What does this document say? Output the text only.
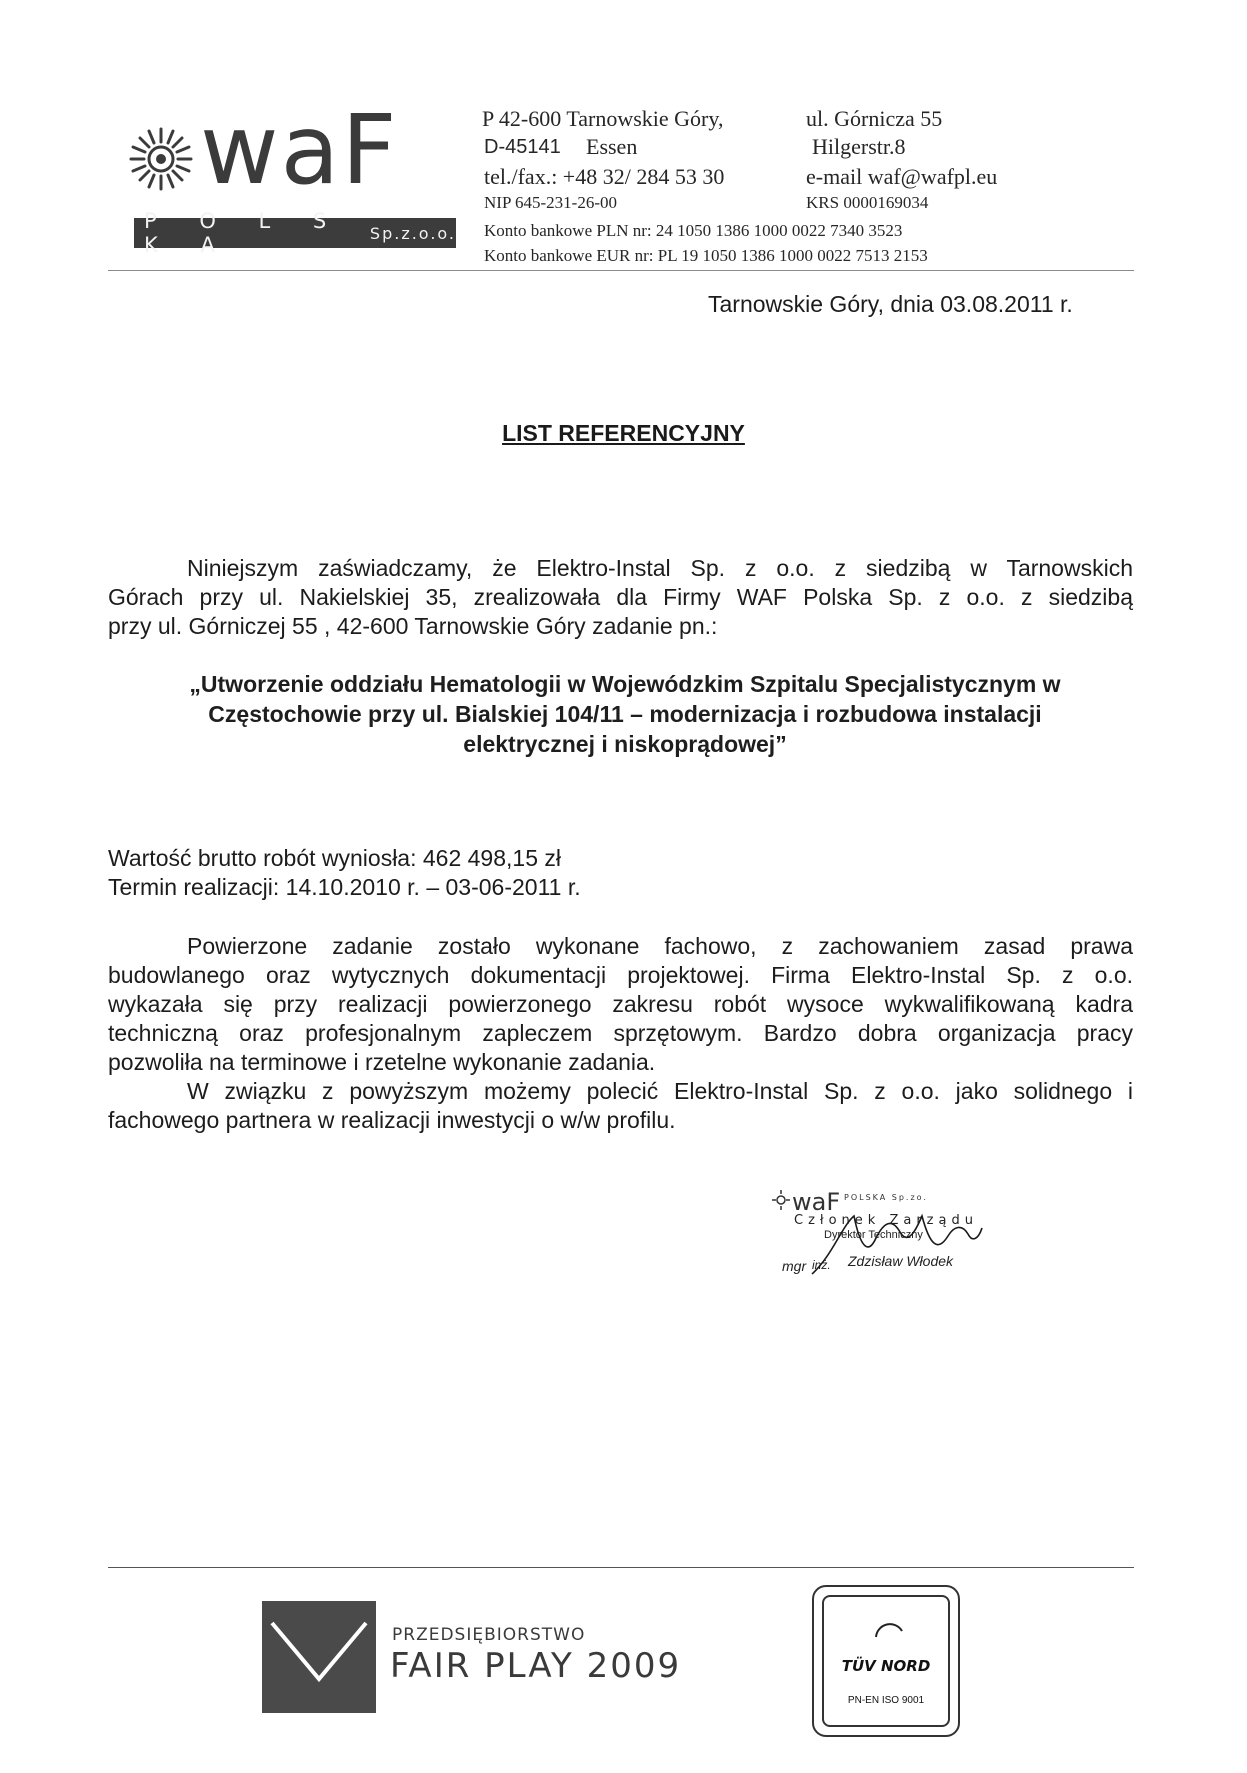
waF
P O L S K A	Sp.z.o.o.
P 42-600 Tarnowskie Góry,	ul. Górnicza 55
D-45141 Essen	Hilgerstr.8
tel./fax.: +48 32/ 284 53 30	e-mail waf@wafpl.eu
NIP 645-231-26-00	KRS 0000169034
Konto bankowe PLN nr: 24 1050 1386 1000 0022 7340 3523
Konto bankowe EUR nr: PL 19 1050 1386 1000 0022 7513 2153
Tarnowskie Góry, dnia 03.08.2011 r.
LIST REFERENCYJNY
Niniejszym zaświadczamy, że Elektro-Instal Sp. z o.o. z siedzibą w Tarnowskich
Górach przy ul. Nakielskiej 35, zrealizowała dla Firmy WAF Polska Sp. z o.o. z siedzibą
przy ul. Górniczej 55 , 42-600 Tarnowskie Góry zadanie pn.:
„Utworzenie oddziału Hematologii w Wojewódzkim Szpitalu Specjalistycznym w
Częstochowie przy ul. Bialskiej 104/11 – modernizacja i rozbudowa instalacji
elektrycznej i niskoprądowej”
Wartość brutto robót wyniosła: 462 498,15 zł
Termin realizacji: 14.10.2010 r. – 03-06-2011 r.
Powierzone zadanie zostało wykonane fachowo, z zachowaniem zasad prawa
budowlanego oraz wytycznych dokumentacji projektowej. Firma Elektro-Instal Sp. z o.o.
wykazała się przy realizacji powierzonego zakresu robót wysoce wykwalifikowaną kadra
techniczną oraz profesjonalnym zapleczem sprzętowym. Bardzo dobra organizacja pracy
pozwoliła na terminowe i rzetelne wykonanie zadania.
W związku z powyższym możemy polecić Elektro-Instal Sp. z o.o. jako solidnego i
fachowego partnera w realizacji inwestycji o w/w profilu.
waF POLSKA Sp.zo.
Członek Zarządu
Dyrektor Techniczny
mgr inż. Zdzisław Włodek
PRZEDSIĘBIORSTWO
FAIR PLAY 2009	TÜV NORD
PN-EN ISO 9001
